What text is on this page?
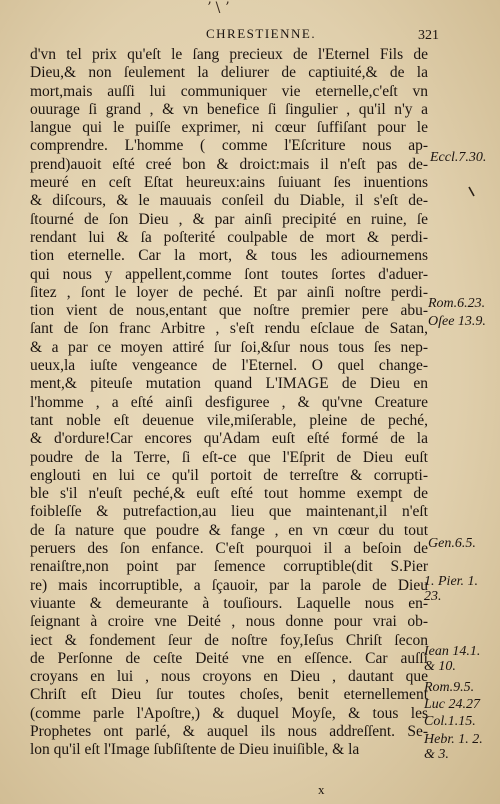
ʼ \ ʼ
CHRESTIENNE.	321
d'vn tel prix qu'eſt le ſang precieux de l'Eternel Fils de
Dieu,& non ſeulement la deliurer de captiuité,& de la
mort,mais auſſi lui communiquer vie eternelle,c'eſt vn
ouurage ſi grand , & vn benefice ſi ſingulier , qu'il n'y a
langue qui le puiſſe exprimer, ni cœur ſuffiſant pour le
comprendre. L'homme ( comme l'Eſcriture nous ap-
prend)auoit eſté creé bon & droict:mais il n'eſt pas de-
meuré en ceſt Eſtat heureux:ains ſuiuant ſes inuentions
& diſcours, & le mauuais conſeil du Diable, il s'eſt de-
ſtourné de ſon Dieu , & par ainſi precipité en ruine, ſe
rendant lui & ſa poſterité coulpable de mort & perdi-
tion eternelle. Car la mort, & tous les adiournemens
qui nous y appellent,comme ſont toutes ſortes d'aduer-
ſitez , ſont le loyer de peché. Et par ainſi noſtre perdi-
tion vient de nous,entant que noſtre premier pere abu-
ſant de ſon franc Arbitre , s'eſt rendu eſclaue de Satan,
& a par ce moyen attiré ſur ſoi,&ſur nous tous ſes nep-
ueux,la iuſte vengeance de l'Eternel. O quel change-
ment,& piteuſe mutation quand L'IMAGE de Dieu en
l'homme , a eſté ainſi desfiguree , & qu'vne Creature
tant noble eſt deuenue vile,miſerable, pleine de peché,
& d'ordure!Car encores qu'Adam euſt eſté formé de la
poudre de la Terre, ſi eſt-ce que l'Eſprit de Dieu euſt
englouti en lui ce qu'il portoit de terreſtre & corrupti-
ble s'il n'euſt peché,& euſt eſté tout homme exempt de
foibleſſe & putrefaction,au lieu que maintenant,il n'eſt
de ſa nature que poudre & fange , en vn cœur du tout
peruers des ſon enfance. C'eſt pourquoi il a beſoin de
renaiſtre,non point par ſemence corruptible(dit S.Pier
re) mais incorruptible, a ſçauoir, par la parole de Dieu
viuante & demeurante à touſiours. Laquelle nous en-
ſeignant à croire vne Deité , nous donne pour vrai ob-
iect & fondement ſeur de noſtre foy,Ieſus Chriſt ſecon
de Perſonne de ceſte Deité vne en eſſence. Car auſſi
croyans en lui , nous croyons en Dieu , dautant que
Chriſt eſt Dieu ſur toutes choſes, benit eternellement
(comme parle l'Apoſtre,) & duquel Moyſe, & tous les
Prophetes ont parlé, & auquel ils nous addreſſent. Se-
lon qu'il eſt l'Image ſubſiſtente de Dieu inuiſible, & la
Eccl.7.30.
Rom.6.23.
Oſee 13.9.
Gen.6.5.
1. Pier. 1.
23.
Iean 14.1.
& 10.
Rom.9.5.
Luc 24.27
Col.1.15.
Hebr. 1. 2.
& 3.
x
